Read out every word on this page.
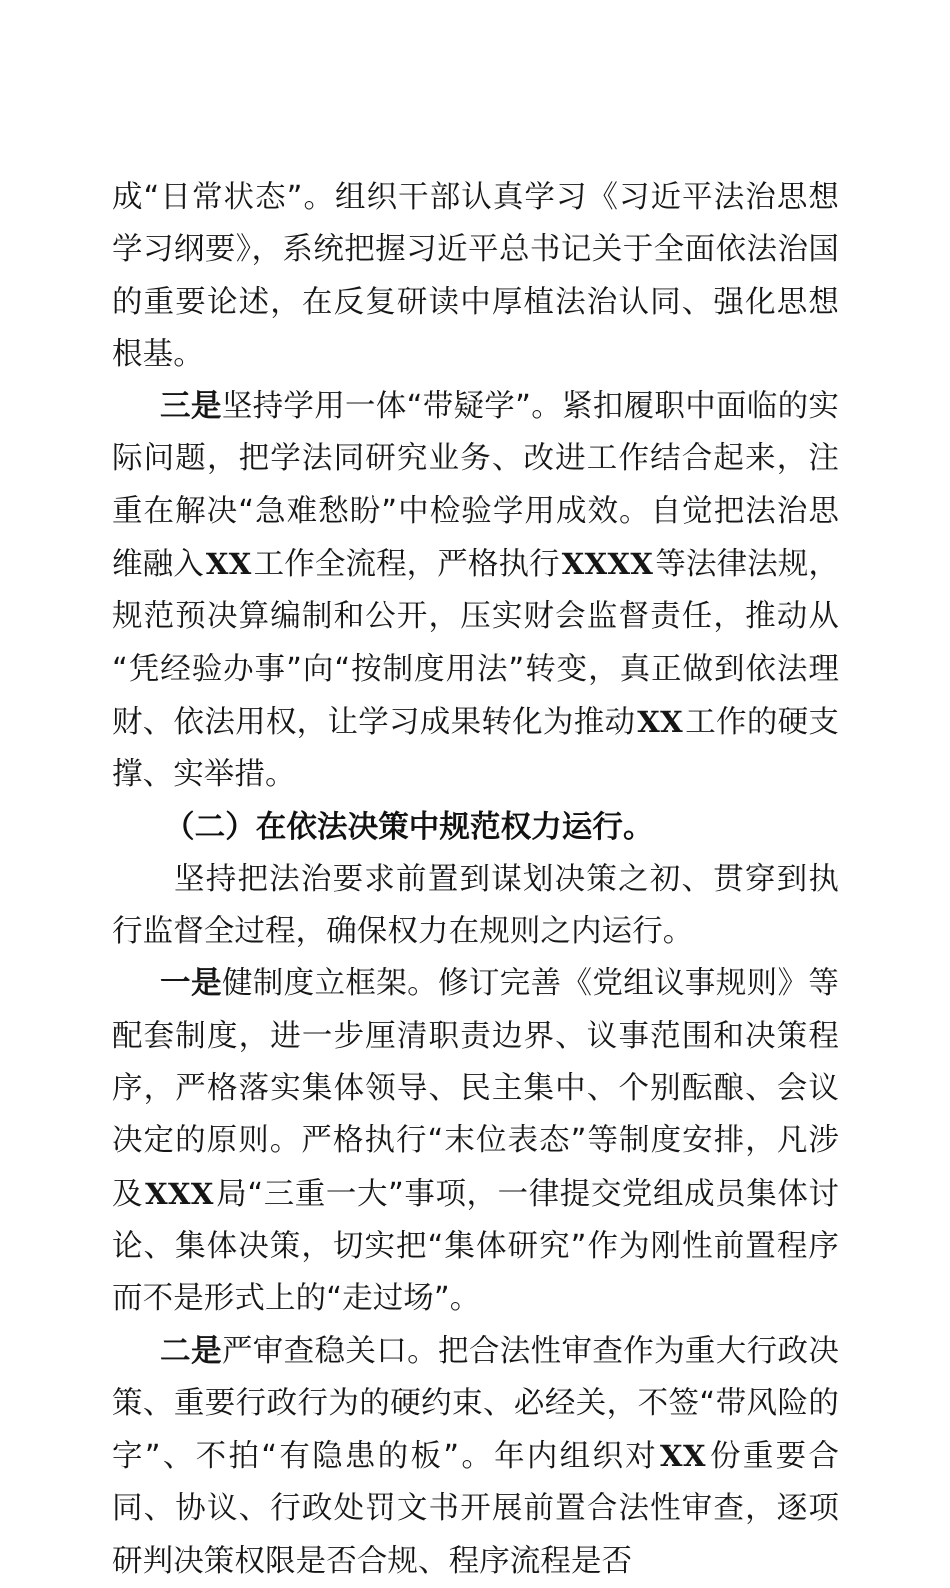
成“日常状态”。组织干部认真学习《习近平法治思想学习纲要》，系统把握习近平总书记关于全面依法治国的重要论述，在反复研读中厚植法治认同、强化思想根基。

三是坚持学用一体“带疑学”。紧扣履职中面临的实际问题，把学法同研究业务、改进工作结合起来，注重在解决“急难愁盼”中检验学用成效。自觉把法治思维融入XX工作全流程，严格执行XXXX等法律法规，规范预决算编制和公开，压实财会监督责任，推动从“凭经验办事”向“按制度用法”转变，真正做到依法理财、依法用权，让学习成果转化为推动XX工作的硬支撑、实举措。

（二）在依法决策中规范权力运行。

坚持把法治要求前置到谋划决策之初、贯穿到执行监督全过程，确保权力在规则之内运行。

一是健制度立框架。修订完善《党组议事规则》等配套制度，进一步厘清职责边界、议事范围和决策程序，严格落实集体领导、民主集中、个别酝酿、会议决定的原则。严格执行“末位表态”等制度安排，凡涉及XXX局“三重一大”事项，一律提交党组成员集体讨论、集体决策，切实把“集体研究”作为刚性前置程序而不是形式上的“走过场”。

二是严审查稳关口。把合法性审查作为重大行政决策、重要行政行为的硬约束、必经关，不签“带风险的字”、不拍“有隐患的板”。年内组织对XX份重要合同、协议、行政处罚文书开展前置合法性审查，逐项研判决策权限是否合规、程序流程是否
